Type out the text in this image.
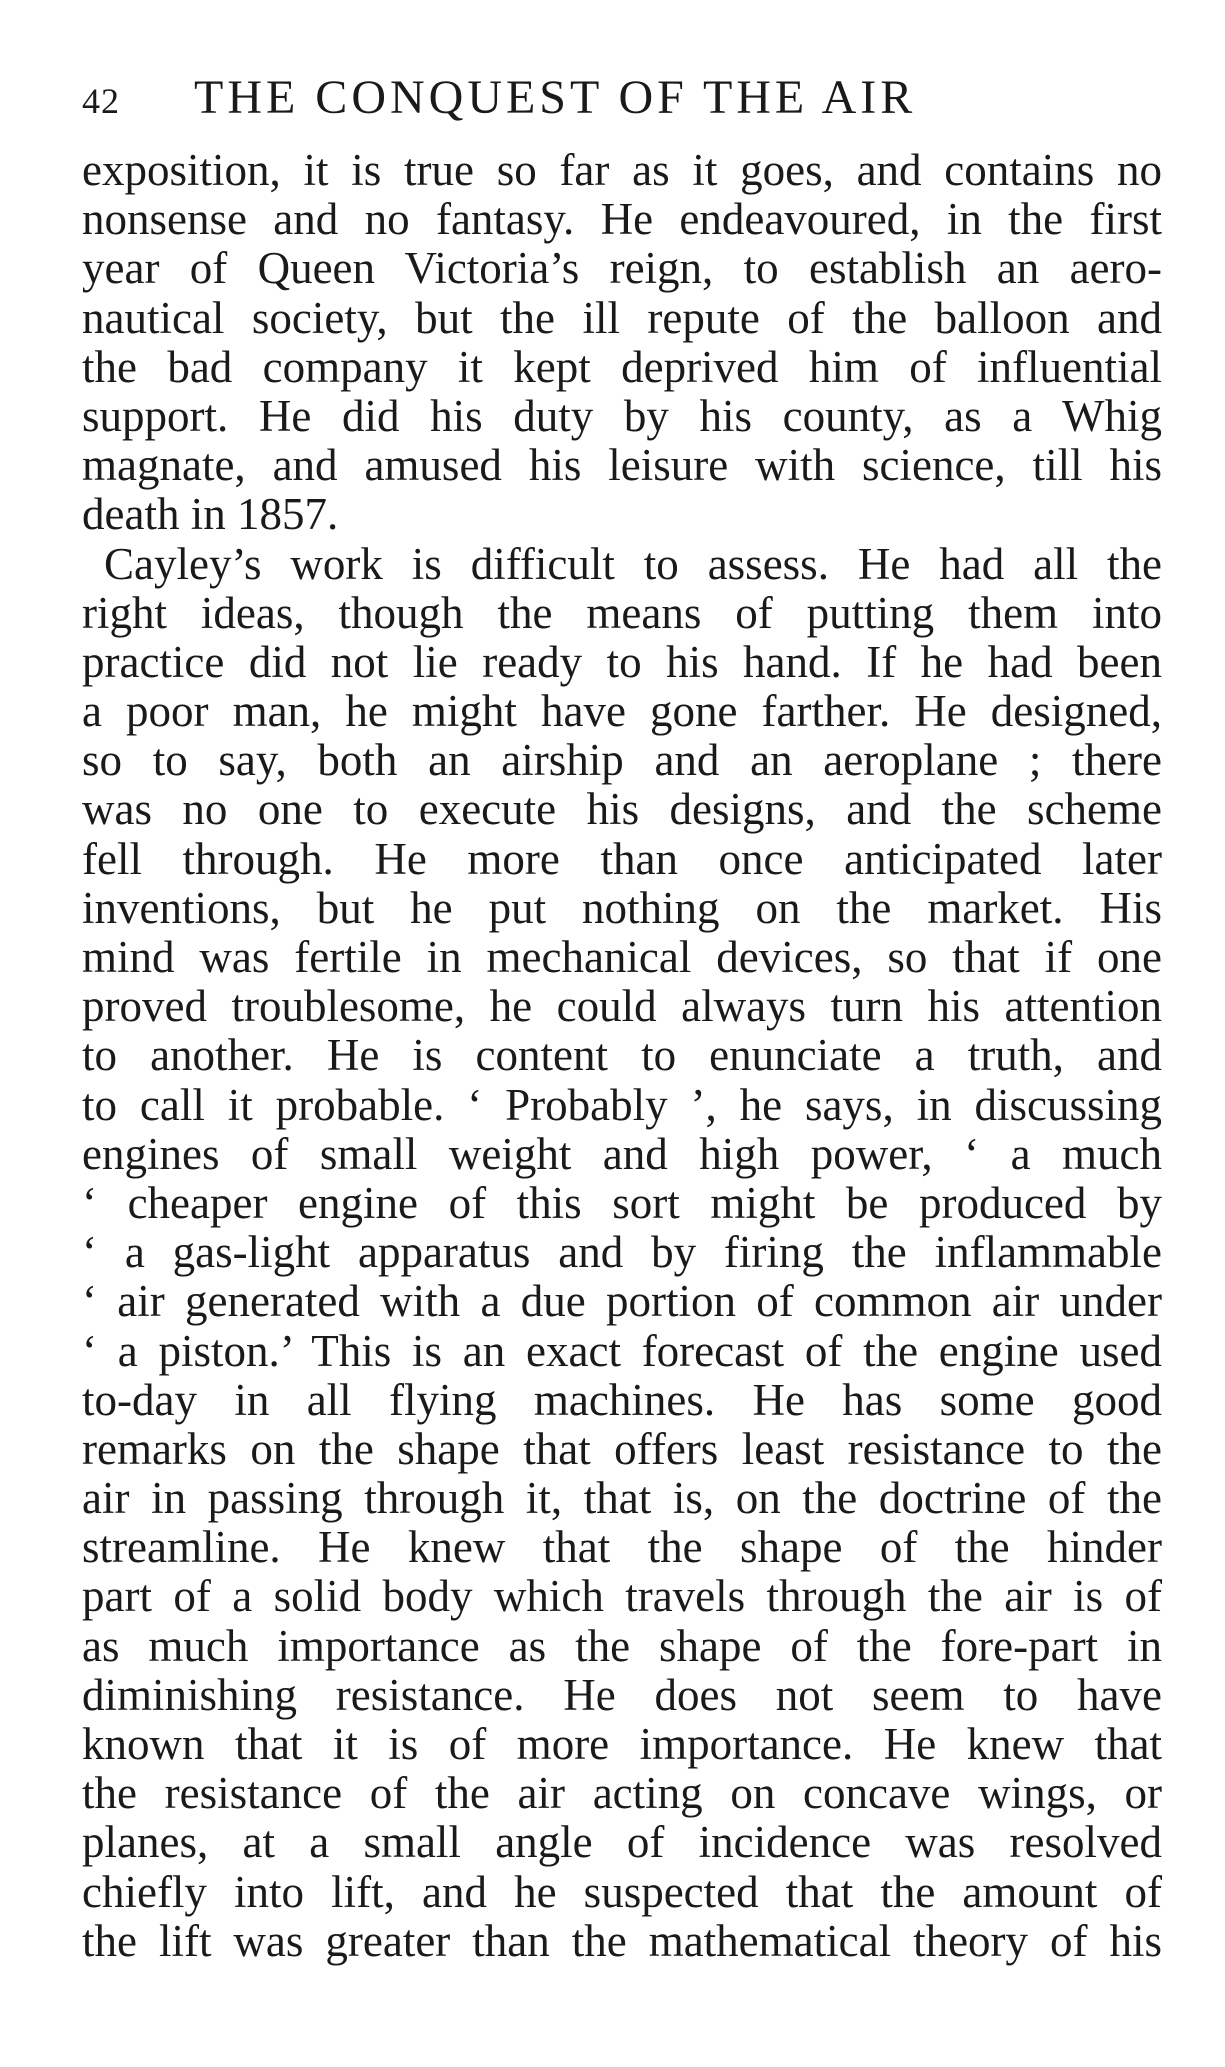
42	THE CONQUEST OF THE AIR
exposition, it is true so far as it goes, and contains no
nonsense and no fantasy. He endeavoured, in the first
year of Queen Victoria’s reign, to establish an aero-
nautical society, but the ill repute of the balloon and
the bad company it kept deprived him of influential
support. He did his duty by his county, as a Whig
magnate, and amused his leisure with science, till his
death in 1857.
Cayley’s work is difficult to assess. He had all the
right ideas, though the means of putting them into
practice did not lie ready to his hand. If he had been
a poor man, he might have gone farther. He designed,
so to say, both an airship and an aeroplane ; there
was no one to execute his designs, and the scheme
fell through. He more than once anticipated later
inventions, but he put nothing on the market. His
mind was fertile in mechanical devices, so that if one
proved troublesome, he could always turn his attention
to another. He is content to enunciate a truth, and
to call it probable. ‘ Probably ’, he says, in discussing
engines of small weight and high power, ‘ a much
‘ cheaper engine of this sort might be produced by
‘ a gas-light apparatus and by firing the inflammable
‘ air generated with a due portion of common air under
‘ a piston.’ This is an exact forecast of the engine used
to-day in all flying machines. He has some good
remarks on the shape that offers least resistance to the
air in passing through it, that is, on the doctrine of the
streamline. He knew that the shape of the hinder
part of a solid body which travels through the air is of
as much importance as the shape of the fore-part in
diminishing resistance. He does not seem to have
known that it is of more importance. He knew that
the resistance of the air acting on concave wings, or
planes, at a small angle of incidence was resolved
chiefly into lift, and he suspected that the amount of
the lift was greater than the mathematical theory of his
